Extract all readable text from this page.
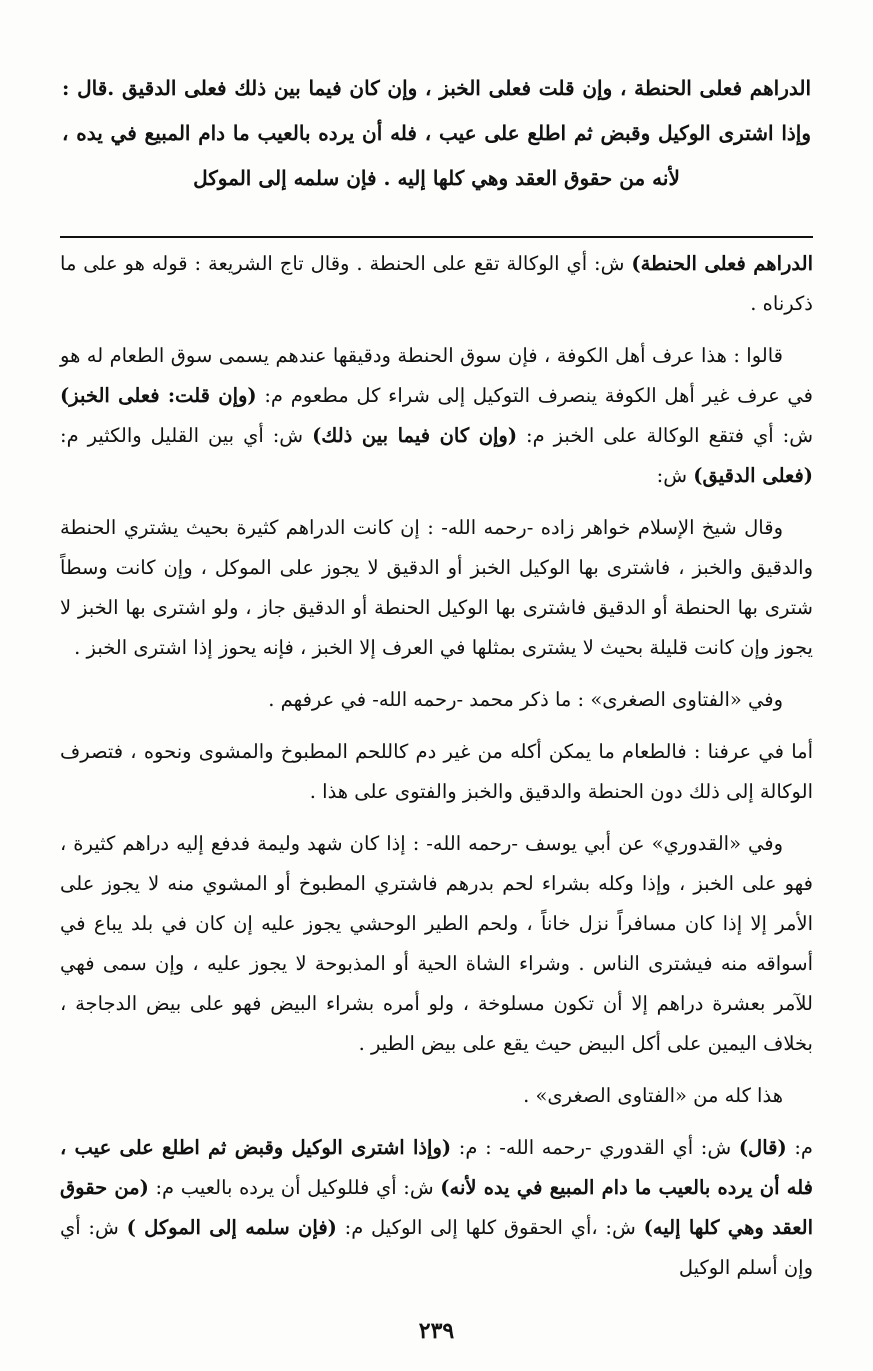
الدراهم فعلى الحنطة ، وإن قلت فعلى الخبز ، وإن كان فيما بين ذلك فعلى الدقيق .قال : وإذا اشترى الوكيل وقبض ثم اطلع على عيب ، فله أن يرده بالعيب ما دام المبيع في يده ، لأنه من حقوق العقد وهي كلها إليه . فإن سلمه إلى الموكل
الدراهم فعلى الحنطة) ش: أي الوكالة تقع على الحنطة . وقال تاج الشريعة : قوله هو على ما ذكرناه .
قالوا : هذا عرف أهل الكوفة ، فإن سوق الحنطة ودقيقها عندهم يسمى سوق الطعام له هو في عرف غير أهل الكوفة ينصرف التوكيل إلى شراء كل مطعوم م: (وإن قلت: فعلى الخبز) ش: أي فتقع الوكالة على الخبز م: (وإن كان فيما بين ذلك) ش: أي بين القليل والكثير م: (فعلى الدقيق) ش:
وقال شيخ الإسلام خواهر زاده -رحمه الله- : إن كانت الدراهم كثيرة بحيث يشتري الحنطة والدقيق والخبز ، فاشترى بها الوكيل الخبز أو الدقيق لا يجوز على الموكل ، وإن كانت وسطاً شترى بها الحنطة أو الدقيق فاشترى بها الوكيل الحنطة أو الدقيق جاز ، ولو اشترى بها الخبز لا يجوز وإن كانت قليلة بحيث لا يشترى بمثلها في العرف إلا الخبز ، فإنه يحوز إذا اشترى الخبز .
وفي «الفتاوى الصغرى» : ما ذكر محمد -رحمه الله- في عرفهم .
أما في عرفنا : فالطعام ما يمكن أكله من غير دم كاللحم المطبوخ والمشوى ونحوه ، فتصرف الوكالة إلى ذلك دون الحنطة والدقيق والخبز والفتوى على هذا .
وفي «القدوري» عن أبي يوسف -رحمه الله- : إذا كان شهد وليمة فدفع إليه دراهم كثيرة ، فهو على الخبز ، وإذا وكله بشراء لحم بدرهم فاشتري المطبوخ أو المشوي منه لا يجوز على الأمر إلا إذا كان مسافراً نزل خاناً ، ولحم الطير الوحشي يجوز عليه إن كان في بلد يباع في أسواقه منه فيشترى الناس . وشراء الشاة الحية أو المذبوحة لا يجوز عليه ، وإن سمى فهي للآمر بعشرة دراهم إلا أن تكون مسلوخة ، ولو أمره بشراء البيض فهو على بيض الدجاجة ، بخلاف اليمين على أكل البيض حيث يقع على بيض الطير .
هذا كله من «الفتاوى الصغرى» .
م: (قال) ش: أي القدوري -رحمه الله- : م: (وإذا اشترى الوكيل وقبض ثم اطلع على عيب ، فله أن يرده بالعيب ما دام المبيع في يده لأنه) ش: أي فللوكيل أن يرده بالعيب م: (من حقوق العقد وهي كلها إليه) ش: ،أي الحقوق كلها إلى الوكيل م: (فإن سلمه إلى الموكل ) ش: أي وإن أسلم الوكيل
٢٣٩
